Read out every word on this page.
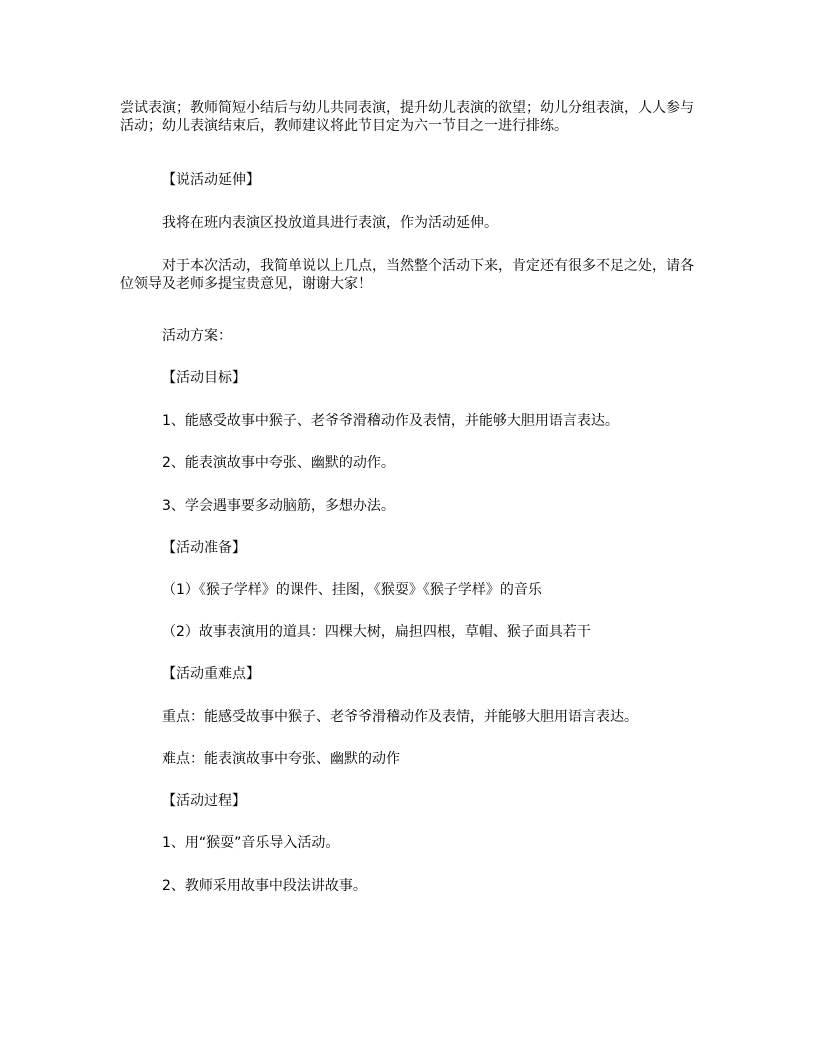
尝试表演；教师简短小结后与幼儿共同表演，提升幼儿表演的欲望；幼儿分组表演，人人参与活动；幼儿表演结束后，教师建议将此节目定为六一节目之一进行排练。
【说活动延伸】
我将在班内表演区投放道具进行表演，作为活动延伸。
对于本次活动，我简单说以上几点，当然整个活动下来，肯定还有很多不足之处，请各位领导及老师多提宝贵意见，谢谢大家！
活动方案：
【活动目标】
1、能感受故事中猴子、老爷爷滑稽动作及表情，并能够大胆用语言表达。
2、能表演故事中夸张、幽默的动作。
3、学会遇事要多动脑筋，多想办法。
【活动准备】
（1）《猴子学样》的课件、挂图，《猴耍》《猴子学样》的音乐
（2）故事表演用的道具：四棵大树，扁担四根，草帽、猴子面具若干
【活动重难点】
重点：能感受故事中猴子、老爷爷滑稽动作及表情，并能够大胆用语言表达。
难点：能表演故事中夸张、幽默的动作
【活动过程】
1、用“猴耍”音乐导入活动。
2、教师采用故事中段法讲故事。
